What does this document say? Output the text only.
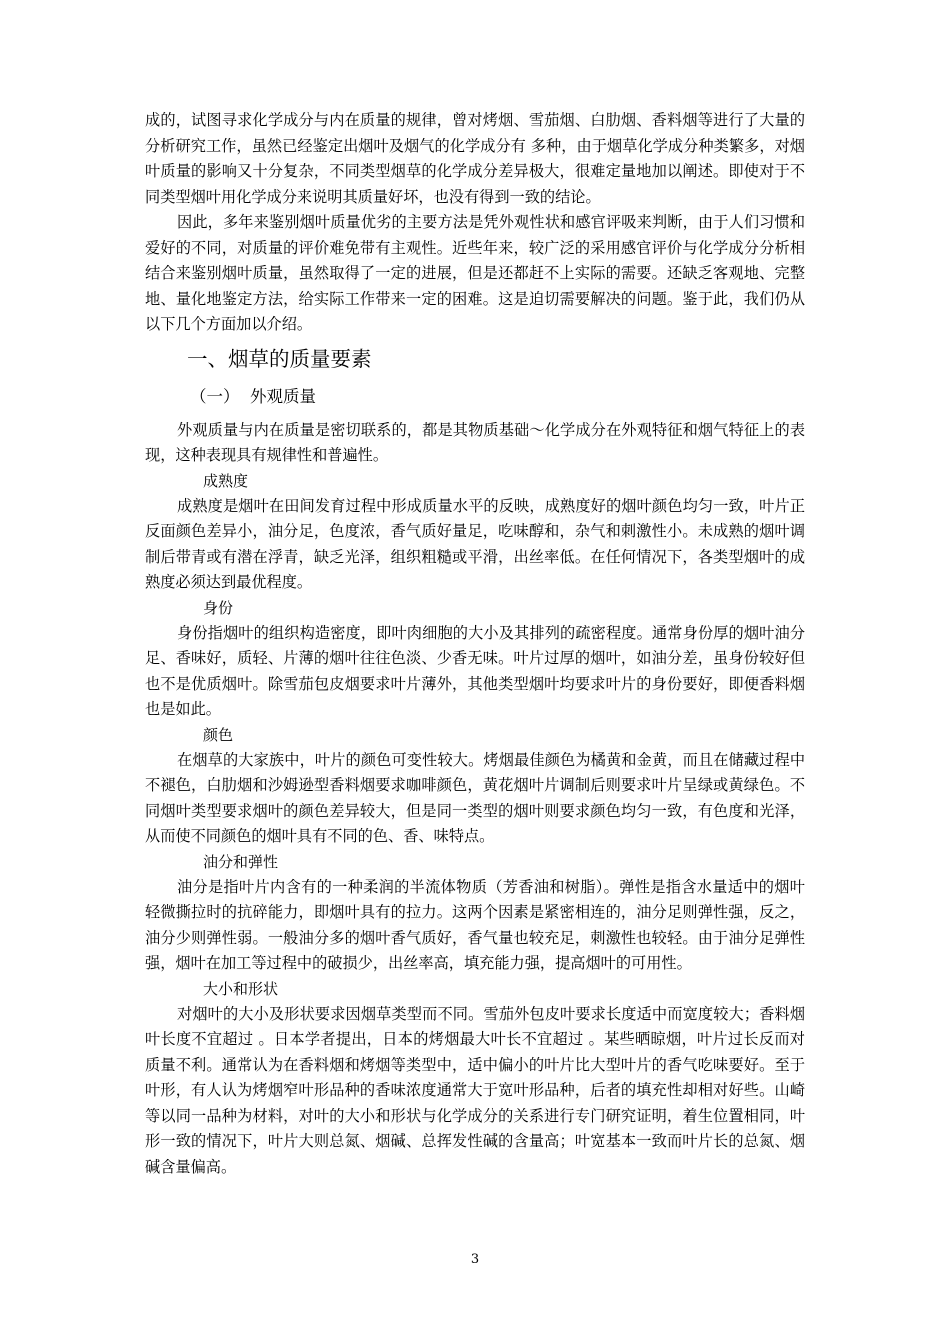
成的，试图寻求化学成分与内在质量的规律，曾对烤烟、雪茄烟、白肋烟、香料烟等进行了大量的分析研究工作，虽然已经鉴定出烟叶及烟气的化学成分有 多种，由于烟草化学成分种类繁多，对烟叶质量的影响又十分复杂，不同类型烟草的化学成分差异极大，很难定量地加以阐述。即使对于不同类型烟叶用化学成分来说明其质量好坏，也没有得到一致的结论。

因此，多年来鉴别烟叶质量优劣的主要方法是凭外观性状和感官评吸来判断，由于人们习惯和爱好的不同，对质量的评价难免带有主观性。近些年来，较广泛的采用感官评价与化学成分分析相结合来鉴别烟叶质量，虽然取得了一定的进展，但是还都赶不上实际的需要。还缺乏客观地、完整地、量化地鉴定方法，给实际工作带来一定的困难。这是迫切需要解决的问题。鉴于此，我们仍从以下几个方面加以介绍。

一、烟草的质量要素
（一）  外观质量

外观质量与内在质量是密切联系的，都是其物质基础～化学成分在外观特征和烟气特征上的表现，这种表现具有规律性和普遍性。

成熟度

成熟度是烟叶在田间发育过程中形成质量水平的反映，成熟度好的烟叶颜色均匀一致，叶片正反面颜色差异小，油分足，色度浓，香气质好量足，吃味醇和，杂气和刺激性小。未成熟的烟叶调制后带青或有潜在浮青，缺乏光泽，组织粗糙或平滑，出丝率低。在任何情况下，各类型烟叶的成熟度必须达到最优程度。

身份

身份指烟叶的组织构造密度，即叶肉细胞的大小及其排列的疏密程度。通常身份厚的烟叶油分足、香味好，质轻、片薄的烟叶往往色淡、少香无味。叶片过厚的烟叶，如油分差，虽身份较好但也不是优质烟叶。除雪茄包皮烟要求叶片薄外，其他类型烟叶均要求叶片的身份要好，即便香料烟也是如此。

颜色

在烟草的大家族中，叶片的颜色可变性较大。烤烟最佳颜色为橘黄和金黄，而且在储藏过程中不褪色，白肋烟和沙姆逊型香料烟要求咖啡颜色，黄花烟叶片调制后则要求叶片呈绿或黄绿色。不同烟叶类型要求烟叶的颜色差异较大，但是同一类型的烟叶则要求颜色均匀一致，有色度和光泽，从而使不同颜色的烟叶具有不同的色、香、味特点。

油分和弹性

油分是指叶片内含有的一种柔润的半流体物质（芳香油和树脂）。弹性是指含水量适中的烟叶轻微撕拉时的抗碎能力，即烟叶具有的拉力。这两个因素是紧密相连的，油分足则弹性强，反之，油分少则弹性弱。一般油分多的烟叶香气质好，香气量也较充足，刺激性也较轻。由于油分足弹性强，烟叶在加工等过程中的破损少，出丝率高，填充能力强，提高烟叶的可用性。

大小和形状

对烟叶的大小及形状要求因烟草类型而不同。雪茄外包皮叶要求长度适中而宽度较大；香料烟叶长度不宜超过 。日本学者提出，日本的烤烟最大叶长不宜超过 。某些晒晾烟，叶片过长反而对质量不利。通常认为在香料烟和烤烟等类型中，适中偏小的叶片比大型叶片的香气吃味要好。至于叶形，有人认为烤烟窄叶形品种的香味浓度通常大于宽叶形品种，后者的填充性却相对好些。山崎等以同一品种为材料，对叶的大小和形状与化学成分的关系进行专门研究证明，着生位置相同，叶形一致的情况下，叶片大则总氮、烟碱、总挥发性碱的含量高；叶宽基本一致而叶片长的总氮、烟碱含量偏高。

3
